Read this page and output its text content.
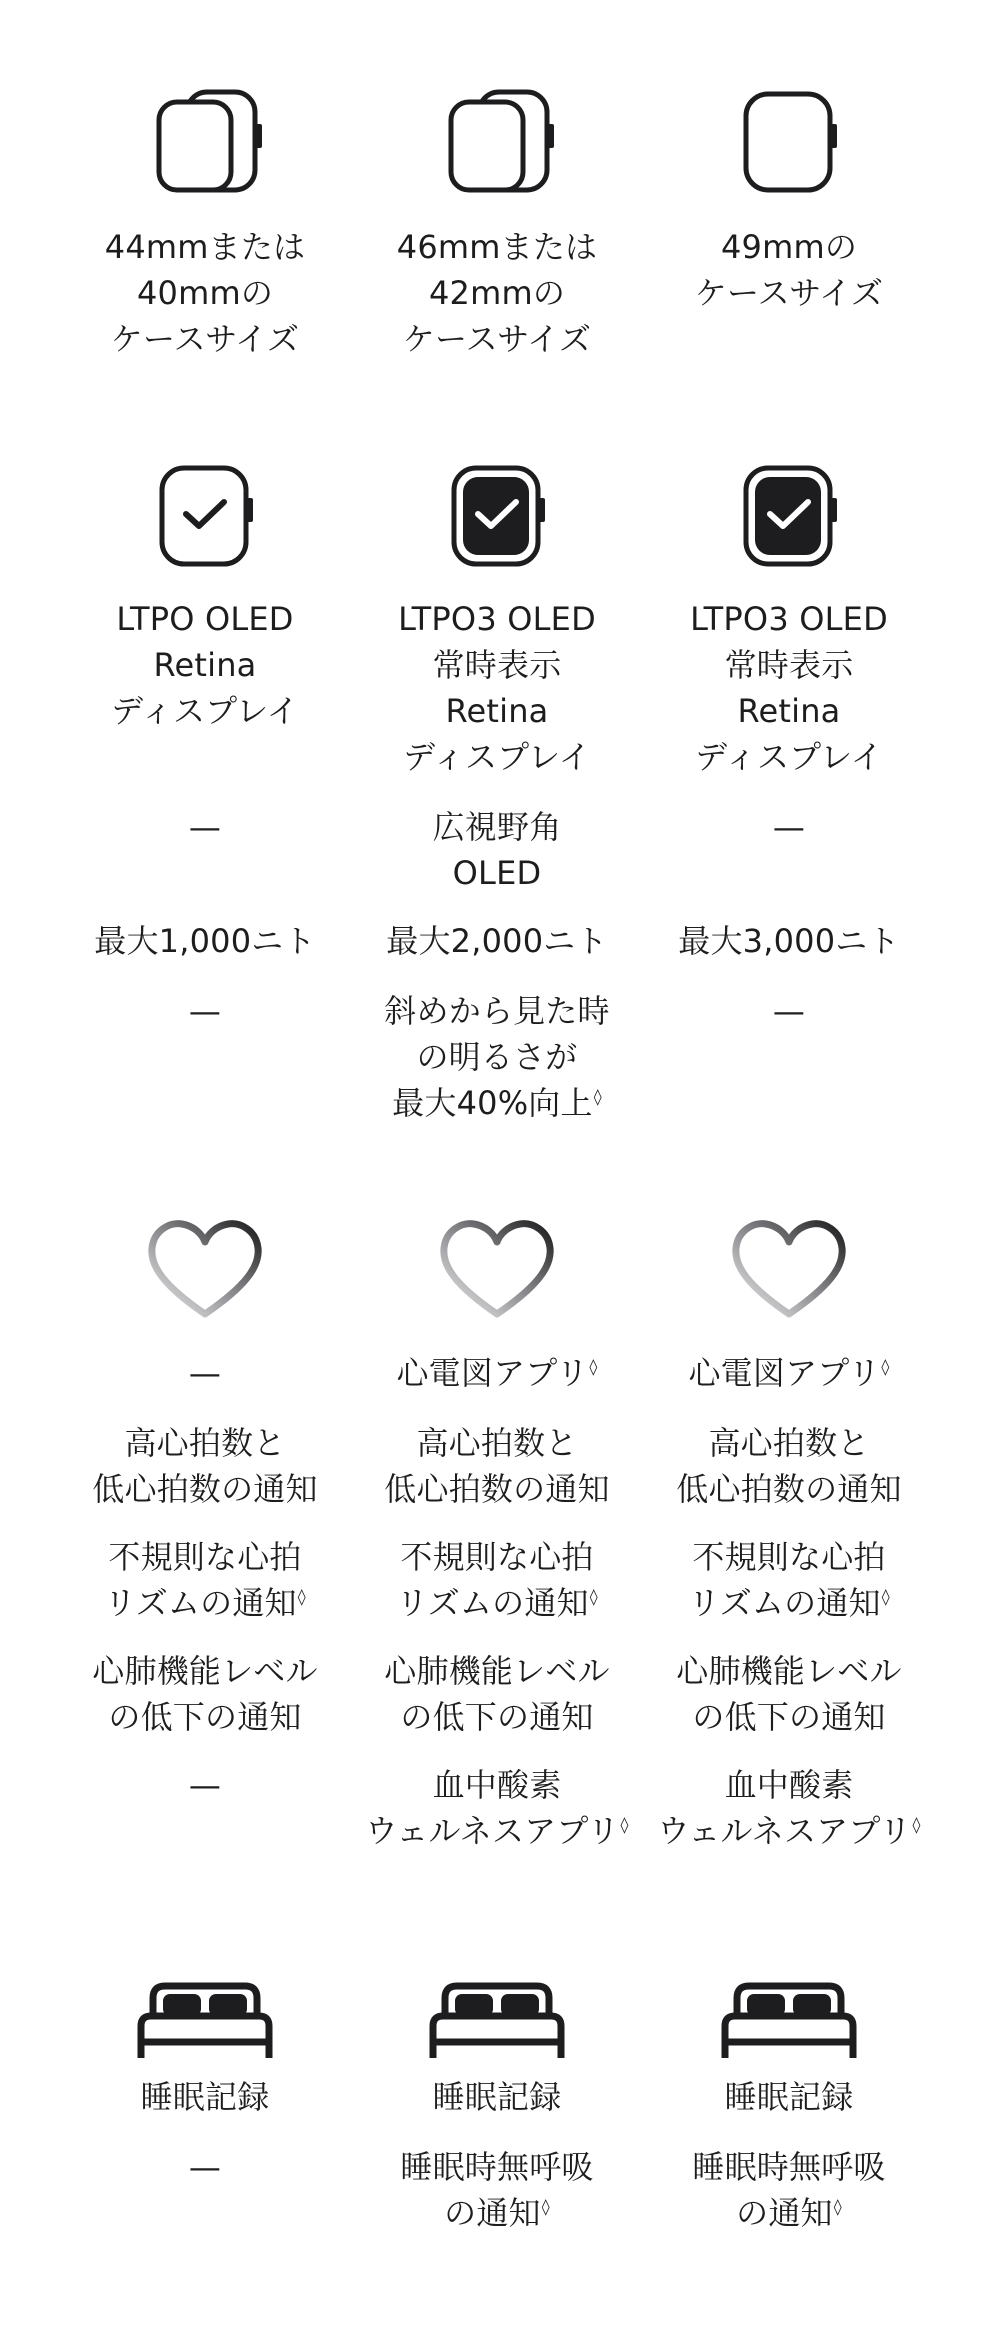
44mmまたは
40mmの
ケースサイズ
LTPO OLED
Retina
ディスプレイ
—
最大1,000ニト
—
—
高心拍数と
低心拍数の通知
不規則な心拍
リズムの通知◊
心肺機能レベル
の低下の通知
—
睡眠記録
—
46mmまたは
42mmの
ケースサイズ
LTPO3 OLED
常時表示
Retina
ディスプレイ
広視野角
OLED
最大2,000ニト
斜めから見た時
の明るさが
最大40%向上◊
心電図アプリ◊
高心拍数と
低心拍数の通知
不規則な心拍
リズムの通知◊
心肺機能レベル
の低下の通知
血中酸素
ウェルネスアプリ◊
睡眠記録
睡眠時無呼吸
の通知◊
49mmの
ケースサイズ
LTPO3 OLED
常時表示
Retina
ディスプレイ
—
最大3,000ニト
—
心電図アプリ◊
高心拍数と
低心拍数の通知
不規則な心拍
リズムの通知◊
心肺機能レベル
の低下の通知
血中酸素
ウェルネスアプリ◊
睡眠記録
睡眠時無呼吸
の通知◊
